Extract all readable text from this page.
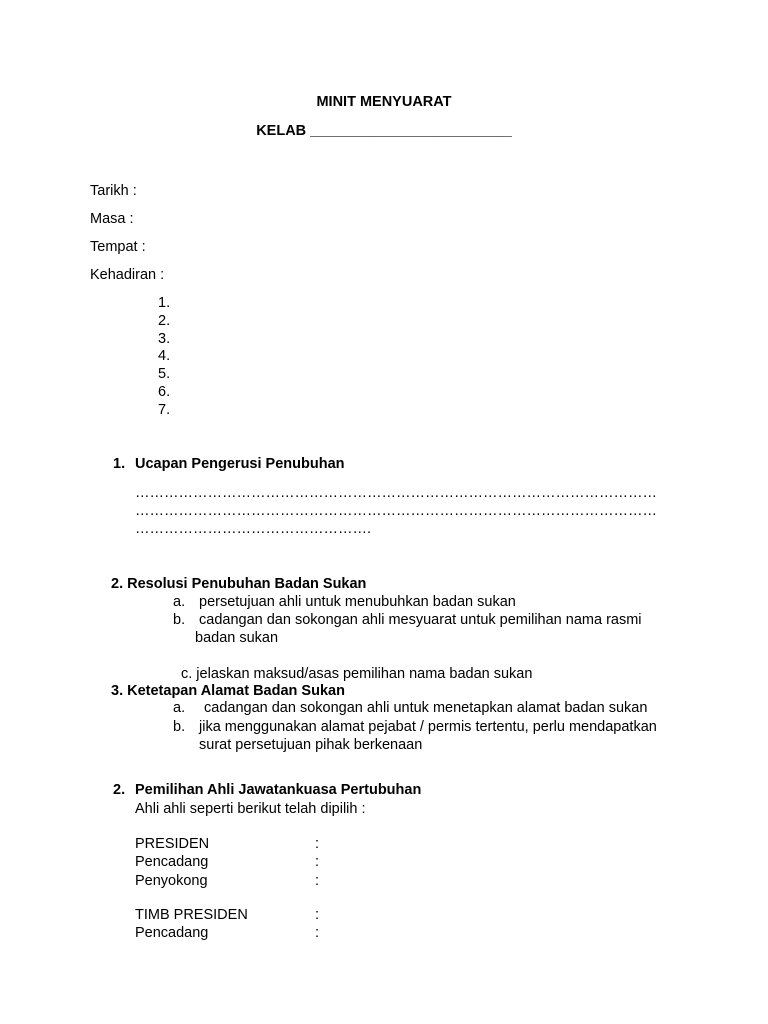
MINIT MENYUARAT
KELAB _________________________
Tarikh :
Masa :
Tempat :
Kehadiran :
1.
2.
3.
4.
5.
6.
7.
1. Ucapan Pengerusi Penubuhan
………………………………………………………………………………………………
………………………………………………………………………………………………
………………………………………….
2. Resolusi Penubuhan Badan Sukan
a. persetujuan ahli untuk menubuhkan badan sukan
b. cadangan dan sokongan ahli mesyuarat untuk pemilihan nama rasmi
badan sukan
c. jelaskan maksud/asas pemilihan nama badan sukan
3. Ketetapan Alamat Badan Sukan
a. cadangan dan sokongan ahli untuk menetapkan alamat badan sukan
b. jika menggunakan alamat pejabat / permis tertentu, perlu mendapatkan
surat persetujuan pihak berkenaan
2. Pemilihan Ahli Jawatankuasa Pertubuhan
Ahli ahli seperti berikut telah dipilih :
PRESIDEN	:
Pencadang	:
Penyokong	:
TIMB PRESIDEN	:
Pencadang	:
